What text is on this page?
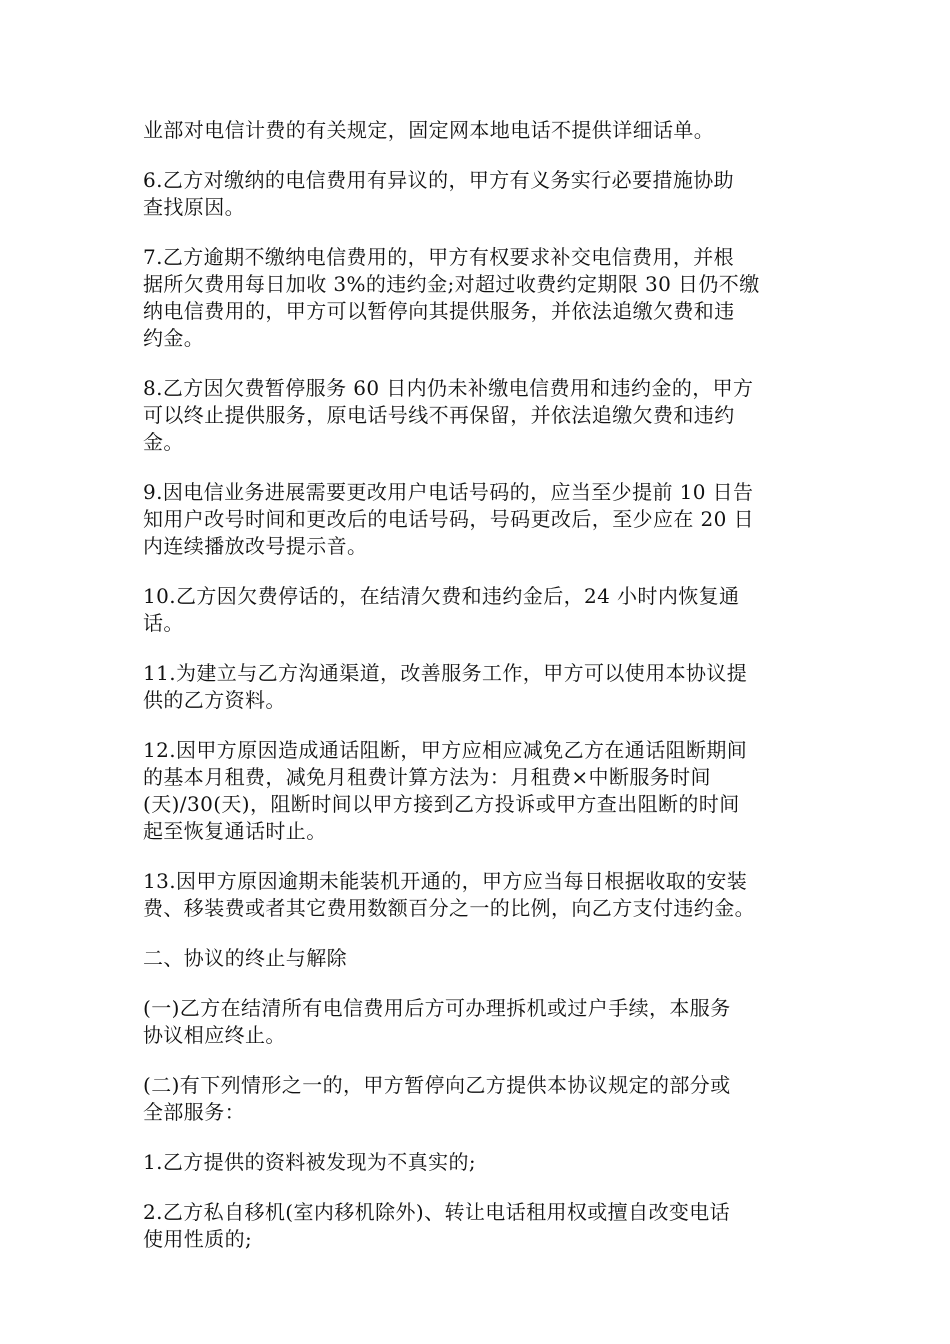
业部对电信计费的有关规定，固定网本地电话不提供详细话单。

6.乙方对缴纳的电信费用有异议的，甲方有义务实行必要措施协助
查找原因。

7.乙方逾期不缴纳电信费用的，甲方有权要求补交电信费用，并根
据所欠费用每日加收 3%的违约金;对超过收费约定期限 30 日仍不缴
纳电信费用的，甲方可以暂停向其提供服务，并依法追缴欠费和违
约金。

8.乙方因欠费暂停服务 60 日内仍未补缴电信费用和违约金的，甲方
可以终止提供服务，原电话号线不再保留，并依法追缴欠费和违约
金。

9.因电信业务进展需要更改用户电话号码的，应当至少提前 10 日告
知用户改号时间和更改后的电话号码，号码更改后，至少应在 20 日
内连续播放改号提示音。

10.乙方因欠费停话的，在结清欠费和违约金后，24 小时内恢复通
话。

11.为建立与乙方沟通渠道，改善服务工作，甲方可以使用本协议提
供的乙方资料。

12.因甲方原因造成通话阻断，甲方应相应减免乙方在通话阻断期间
的基本月租费，减免月租费计算方法为：月租费×中断服务时间
(天)/30(天)，阻断时间以甲方接到乙方投诉或甲方查出阻断的时间
起至恢复通话时止。

13.因甲方原因逾期未能装机开通的，甲方应当每日根据收取的安装
费、移装费或者其它费用数额百分之一的比例，向乙方支付违约金。

二、协议的终止与解除

(一)乙方在结清所有电信费用后方可办理拆机或过户手续，本服务
协议相应终止。

(二)有下列情形之一的，甲方暂停向乙方提供本协议规定的部分或
全部服务：

1.乙方提供的资料被发现为不真实的;

2.乙方私自移机(室内移机除外)、转让电话租用权或擅自改变电话
使用性质的;
